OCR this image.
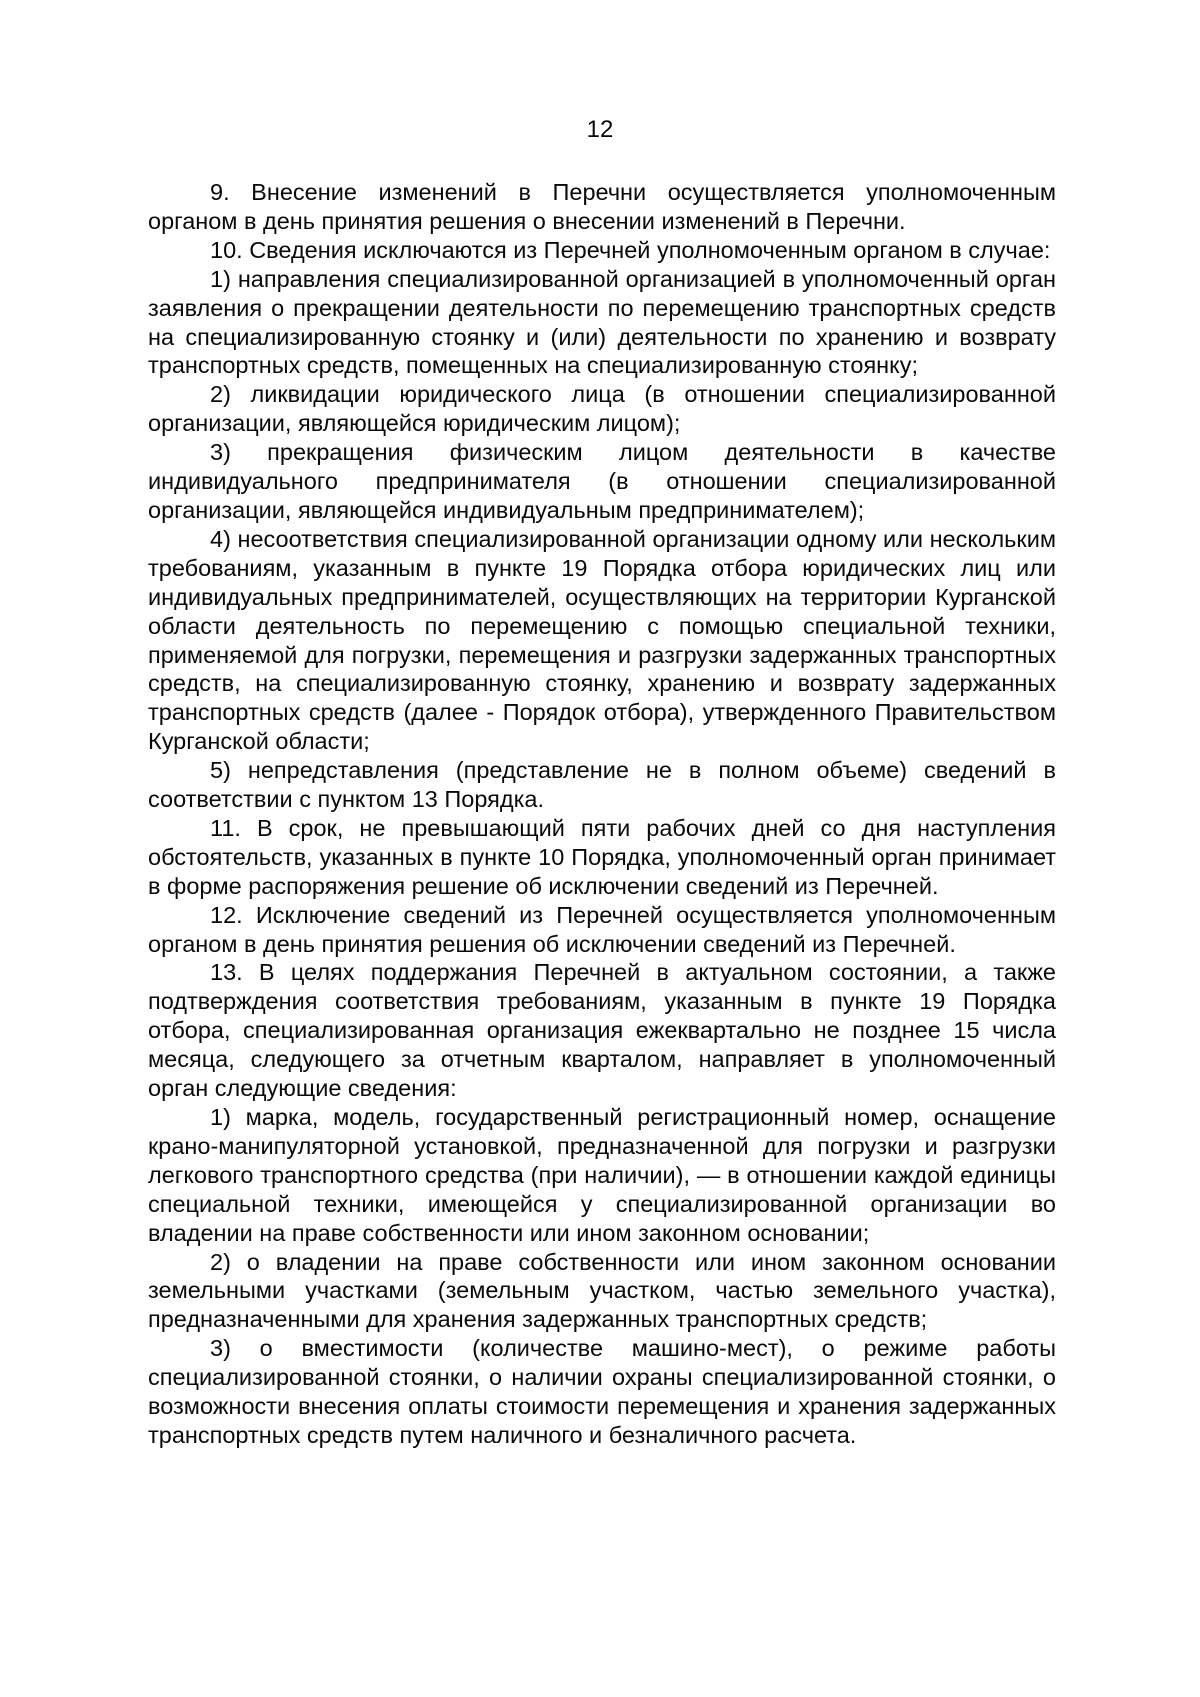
12

9. Внесение изменений в Перечни осуществляется уполномоченным органом в день принятия решения о внесении изменений в Перечни.

10. Сведения исключаются из Перечней уполномоченным органом в случае:

1) направления специализированной организацией в уполномоченный орган заявления о прекращении деятельности по перемещению транспортных средств на специализированную стоянку и (или) деятельности по хранению и возврату транспортных средств, помещенных на специализированную стоянку;

2) ликвидации юридического лица (в отношении специализированной организации, являющейся юридическим лицом);

3) прекращения физическим лицом деятельности в качестве индивидуального предпринимателя (в отношении специализированной организации, являющейся индивидуальным предпринимателем);

4) несоответствия специализированной организации одному или нескольким требованиям, указанным в пункте 19 Порядка отбора юридических лиц или индивидуальных предпринимателей, осуществляющих на территории Курганской области деятельность по перемещению с помощью специальной техники, применяемой для погрузки, перемещения и разгрузки задержанных транспортных средств, на специализированную стоянку, хранению и возврату задержанных транспортных средств (далее - Порядок отбора), утвержденного Правительством Курганской области;

5) непредставления (представление не в полном объеме) сведений в соответствии с пунктом 13 Порядка.

11. В срок, не превышающий пяти рабочих дней со дня наступления обстоятельств, указанных в пункте 10 Порядка, уполномоченный орган принимает в форме распоряжения решение об исключении сведений из Перечней.

12. Исключение сведений из Перечней осуществляется уполномоченным органом в день принятия решения об исключении сведений из Перечней.

13. В целях поддержания Перечней в актуальном состоянии, а также подтверждения соответствия требованиям, указанным в пункте 19 Порядка отбора, специализированная организация ежеквартально не позднее 15 числа месяца, следующего за отчетным кварталом, направляет в уполномоченный орган следующие сведения:

1) марка, модель, государственный регистрационный номер, оснащение крано-манипуляторной установкой, предназначенной для погрузки и разгрузки легкового транспортного средства (при наличии), — в отношении каждой единицы специальной техники, имеющейся у специализированной организации во владении на праве собственности или ином законном основании;

2) о владении на праве собственности или ином законном основании земельными участками (земельным участком, частью земельного участка), предназначенными для хранения задержанных транспортных средств;

3) о вместимости (количестве машино-мест), о режиме работы специализированной стоянки, о наличии охраны специализированной стоянки, о возможности внесения оплаты стоимости перемещения и хранения задержанных транспортных средств путем наличного и безналичного расчета.
